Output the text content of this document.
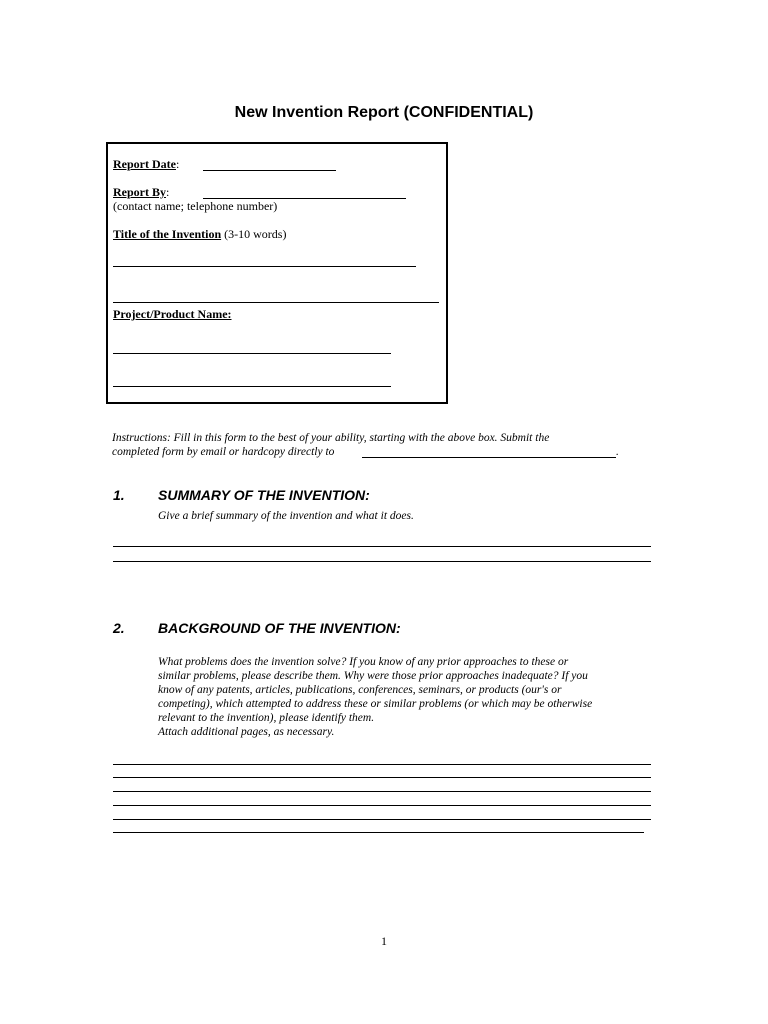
New Invention Report (CONFIDENTIAL)
Report Date:
Report By:
(contact name; telephone number)
Title of the Invention (3-10 words)
Project/Product Name:
Instructions: Fill in this form to the best of your ability, starting with the above box. Submit the
completed form by email or hardcopy directly to	.
1. SUMMARY OF THE INVENTION:
Give a brief summary of the invention and what it does.
2. BACKGROUND OF THE INVENTION:
What problems does the invention solve? If you know of any prior approaches to these or
similar problems, please describe them. Why were those prior approaches inadequate? If you
know of any patents, articles, publications, conferences, seminars, or products (our's or
competing), which attempted to address these or similar problems (or which may be otherwise
relevant to the invention), please identify them.
Attach additional pages, as necessary.
1
